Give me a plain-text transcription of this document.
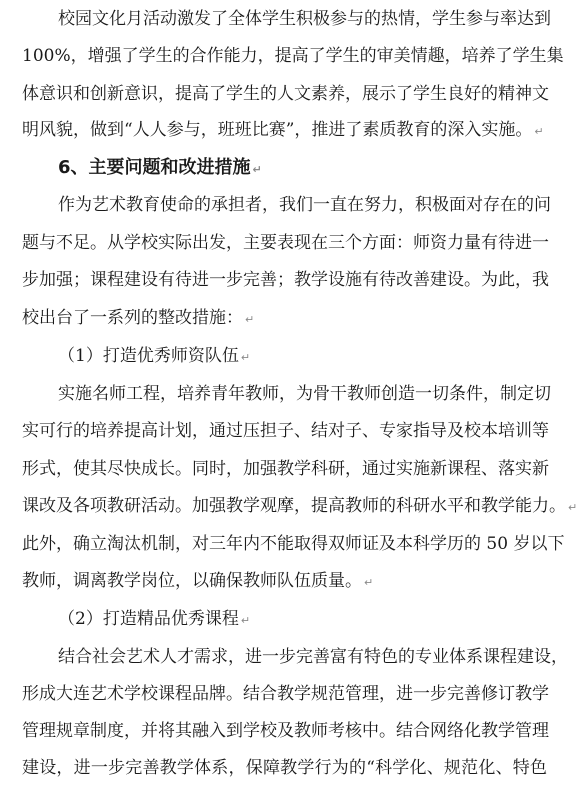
校园文化月活动激发了全体学生积极参与的热情，学生参与率达到
100%，增强了学生的合作能力，提高了学生的审美情趣，培养了学生集
体意识和创新意识，提高了学生的人文素养，展示了学生良好的精神文
明风貌，做到“人人参与，班班比赛”，推进了素质教育的深入实施。 ↵
6、主要问题和改进措施 ↵
作为艺术教育使命的承担者，我们一直在努力，积极面对存在的问
题与不足。从学校实际出发，主要表现在三个方面：师资力量有待进一
步加强；课程建设有待进一步完善；教学设施有待改善建设。为此，我
校出台了一系列的整改措施： ↵
（1）打造优秀师资队伍 ↵
实施名师工程，培养青年教师，为骨干教师创造一切条件，制定切
实可行的培养提高计划，通过压担子、结对子、专家指导及校本培训等
形式，使其尽快成长。同时，加强教学科研，通过实施新课程、落实新
课改及各项教研活动。加强教学观摩，提高教师的科研水平和教学能力。 ↵
此外，确立淘汰机制，对三年内不能取得双师证及本科学历的 50 岁以下
教师，调离教学岗位，以确保教师队伍质量。 ↵
（2）打造精品优秀课程 ↵
结合社会艺术人才需求，进一步完善富有特色的专业体系课程建设，
形成大连艺术学校课程品牌。结合教学规范管理，进一步完善修订教学
管理规章制度，并将其融入到学校及教师考核中。结合网络化教学管理
建设，进一步完善教学体系，保障教学行为的“科学化、规范化、特色
